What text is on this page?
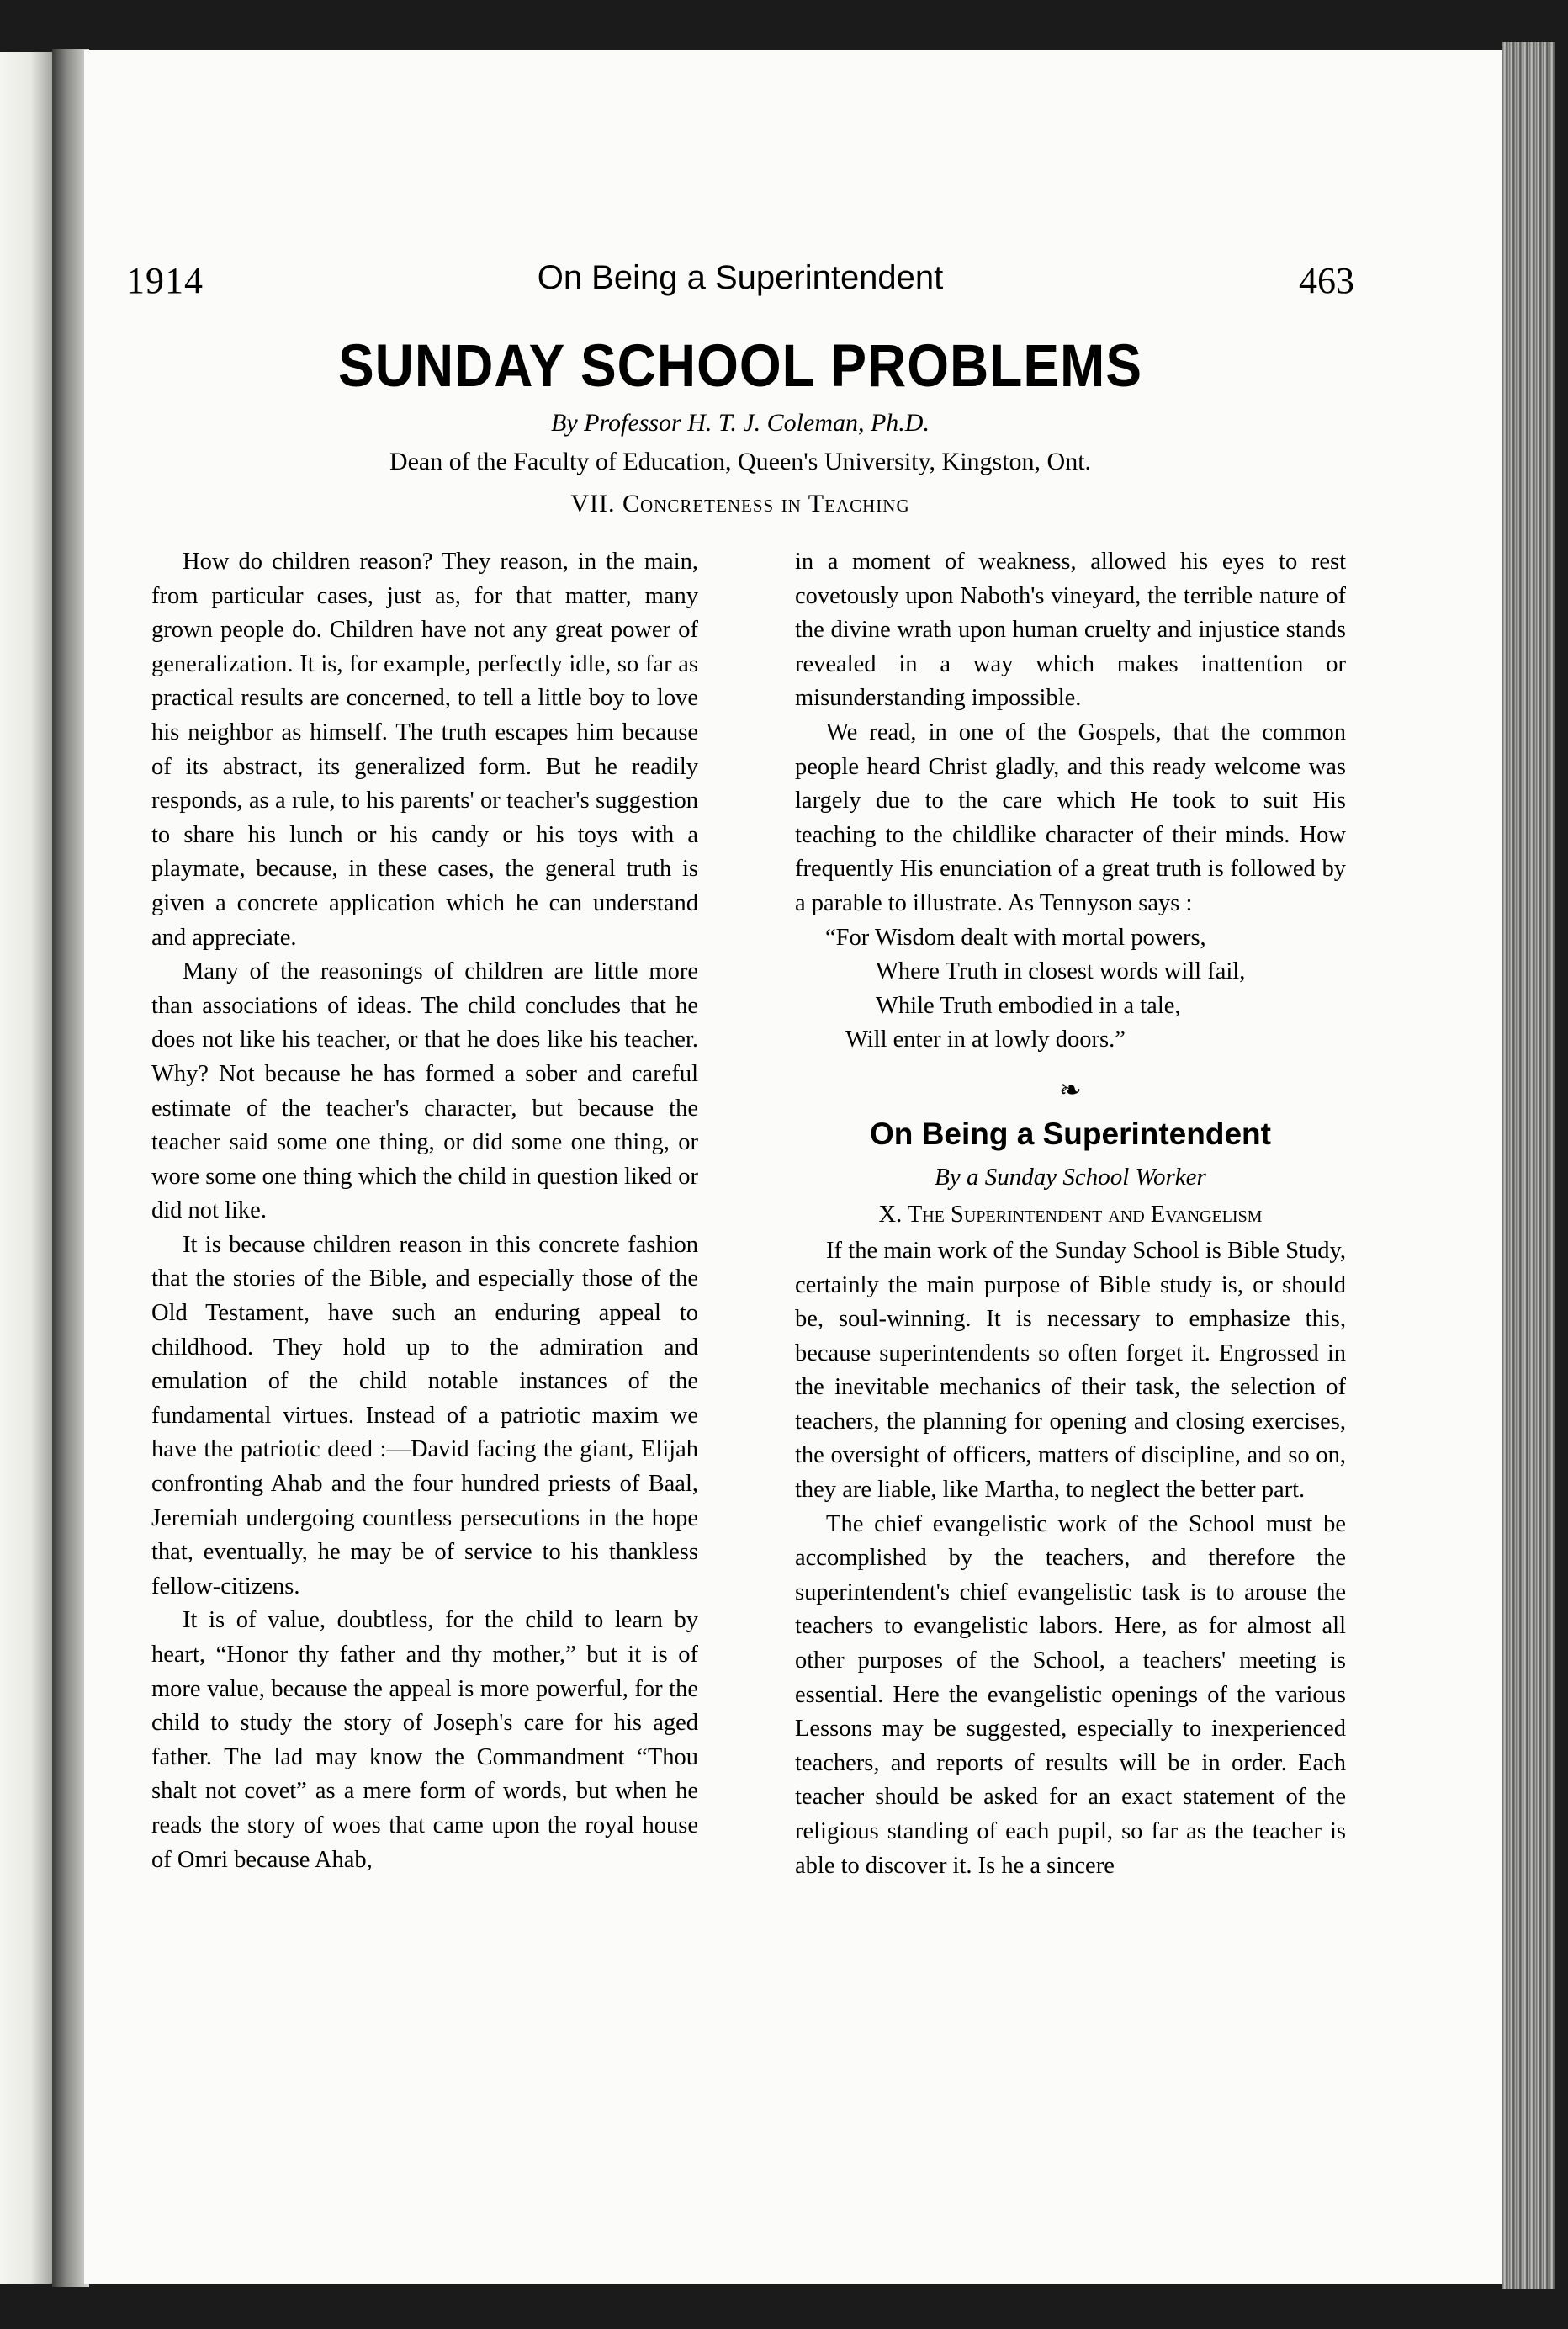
1914	On Being a Superintendent	463
SUNDAY SCHOOL PROBLEMS
By Professor H. T. J. Coleman, Ph.D.
Dean of the Faculty of Education, Queen's University, Kingston, Ont.
VII. Concreteness in Teaching

How do children reason? They reason, in the main, from particular cases, just as, for that matter, many grown people do. Children have not any great power of generalization. It is, for example, perfectly idle, so far as practical results are concerned, to tell a little boy to love his neighbor as himself. The truth escapes him because of its abstract, its generalized form. But he readily responds, as a rule, to his parents' or teacher's suggestion to share his lunch or his candy or his toys with a playmate, because, in these cases, the general truth is given a concrete application which he can understand and appreciate.

Many of the reasonings of children are little more than associations of ideas. The child concludes that he does not like his teacher, or that he does like his teacher. Why? Not because he has formed a sober and careful estimate of the teacher's character, but because the teacher said some one thing, or did some one thing, or wore some one thing which the child in question liked or did not like.

It is because children reason in this concrete fashion that the stories of the Bible, and especially those of the Old Testament, have such an enduring appeal to childhood. They hold up to the admiration and emulation of the child notable instances of the fundamental virtues. Instead of a patriotic maxim we have the patriotic deed :—David facing the giant, Elijah confronting Ahab and the four hundred priests of Baal, Jeremiah undergoing countless persecutions in the hope that, eventually, he may be of service to his thankless fellow-citizens.

It is of value, doubtless, for the child to learn by heart, “Honor thy father and thy mother,” but it is of more value, because the appeal is more powerful, for the child to study the story of Joseph's care for his aged father. The lad may know the Commandment “Thou shalt not covet” as a mere form of words, but when he reads the story of woes that came upon the royal house of Omri because Ahab,

in a moment of weakness, allowed his eyes to rest covetously upon Naboth's vineyard, the terrible nature of the divine wrath upon human cruelty and injustice stands revealed in a way which makes inattention or misunderstanding impossible.

We read, in one of the Gospels, that the common people heard Christ gladly, and this ready welcome was largely due to the care which He took to suit His teaching to the childlike character of their minds. How frequently His enunciation of a great truth is followed by a parable to illustrate. As Tennyson says :

“For Wisdom dealt with mortal powers,
Where Truth in closest words will fail,
While Truth embodied in a tale,
Will enter in at lowly doors.”
❧
On Being a Superintendent
By a Sunday School Worker
X. The Superintendent and Evangelism

If the main work of the Sunday School is Bible Study, certainly the main purpose of Bible study is, or should be, soul-winning. It is necessary to emphasize this, because superintendents so often forget it. Engrossed in the inevitable mechanics of their task, the selection of teachers, the planning for opening and closing exercises, the oversight of officers, matters of discipline, and so on, they are liable, like Martha, to neglect the better part.

The chief evangelistic work of the School must be accomplished by the teachers, and therefore the superintendent's chief evangelistic task is to arouse the teachers to evangelistic labors. Here, as for almost all other purposes of the School, a teachers' meeting is essential. Here the evangelistic openings of the various Lessons may be suggested, especially to inexperienced teachers, and reports of results will be in order. Each teacher should be asked for an exact statement of the religious standing of each pupil, so far as the teacher is able to discover it. Is he a sincere
